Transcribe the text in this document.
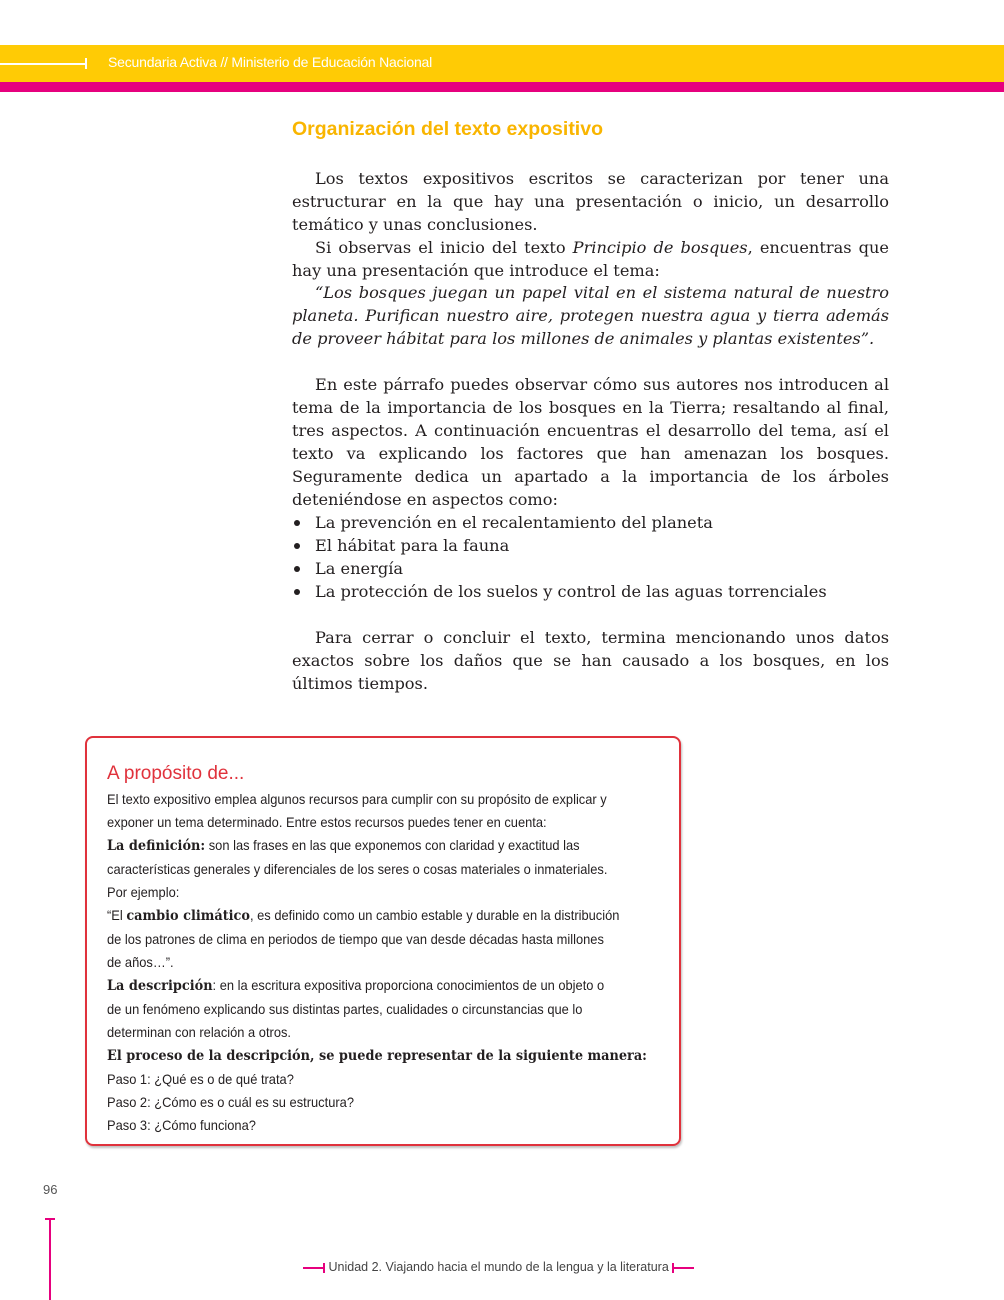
Secundaria Activa // Ministerio de Educación Nacional
Organización del texto expositivo
Los textos expositivos escritos se caracterizan por tener una estructurar en la que hay una presentación o inicio, un desarrollo temático y unas conclusiones.
Si observas el inicio del texto Principio de bosques, encuentras que hay una presentación que introduce el tema:
“Los bosques juegan un papel vital en el sistema natural de nuestro planeta. Purifican nuestro aire, protegen nuestra agua y tierra además de proveer hábitat para los millones de animales y plantas existentes”.
En este párrafo puedes observar cómo sus autores nos introducen al tema de la importancia de los bosques en la Tierra; resaltando al final, tres aspectos. A continuación encuentras el desarrollo del tema, así el texto va explicando los factores que han amenazan los bosques. Seguramente dedica un apartado a la importancia de los árboles deteniéndose en aspectos como:
La prevención en el recalentamiento del planeta
El hábitat para la fauna
La energía
La protección de los suelos y control de las aguas torrenciales
Para cerrar o concluir el texto, termina mencionando unos datos exactos sobre los daños que se han causado a los bosques, en los últimos tiempos.
A propósito de...
El texto expositivo emplea algunos recursos para cumplir con su propósito de explicar y
exponer un tema determinado. Entre estos recursos puedes tener en cuenta:
La definición: son las frases en las que exponemos con claridad y exactitud las
características generales y diferenciales de los seres o cosas materiales o inmateriales.
Por ejemplo:
“El cambio climático, es definido como un cambio estable y durable en la distribución
de los patrones de clima en periodos de tiempo que van desde décadas hasta millones
de años…”.
La descripción: en la escritura expositiva proporciona conocimientos de un objeto o
de un fenómeno explicando sus distintas partes, cualidades o circunstancias que lo
determinan con relación a otros.
El proceso de la descripción, se puede representar de la siguiente manera:
Paso 1: ¿Qué es o de qué trata?
Paso 2: ¿Cómo es o cuál es su estructura?
Paso 3: ¿Cómo funciona?
96
Unidad 2. Viajando hacia el mundo de la lengua y la literatura
